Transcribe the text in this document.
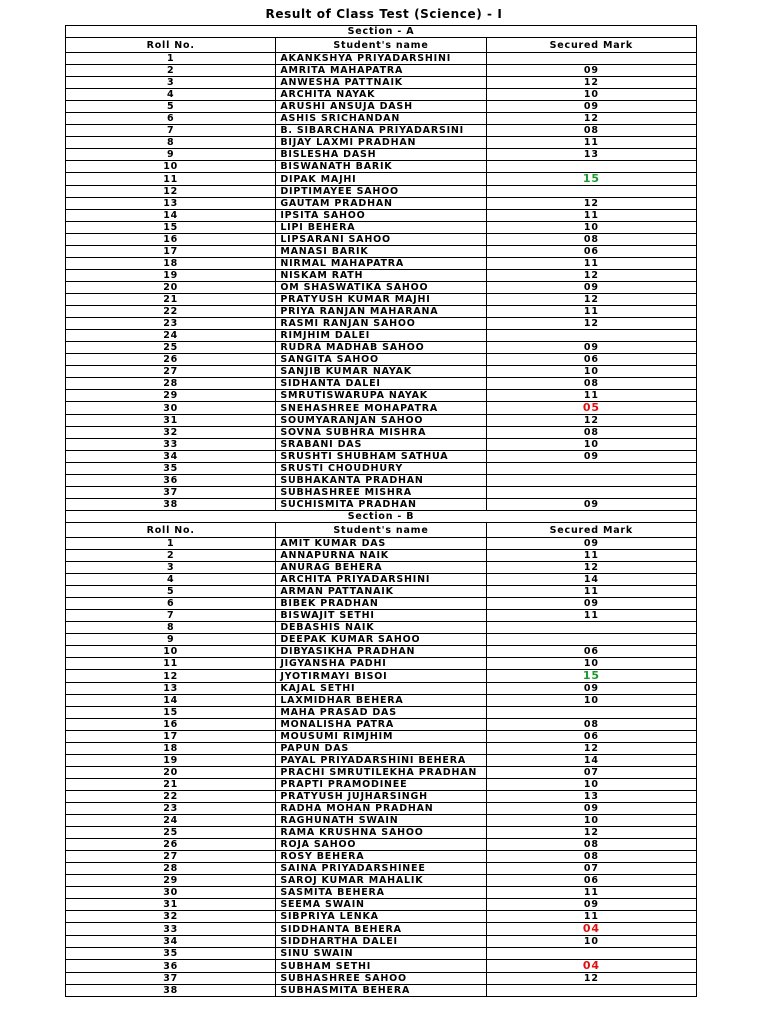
Result of Class Test (Science) - I
Section - A		
Roll No.	Student's name	Secured Mark
1	AKANKSHYA PRIYADARSHINI	
2	AMRITA MAHAPATRA	09
3	ANWESHA PATTNAIK	12
4	ARCHITA NAYAK	10
5	ARUSHI ANSUJA DASH	09
6	ASHIS SRICHANDAN	12
7	B. SIBARCHANA PRIYADARSINI	08
8	BIJAY LAXMI PRADHAN	11
9	BISLESHA DASH	13
10	BISWANATH BARIK	
11	DIPAK MAJHI	15
12	DIPTIMAYEE SAHOO	
13	GAUTAM PRADHAN	12
14	IPSITA SAHOO	11
15	LIPI BEHERA	10
16	LIPSARANI SAHOO	08
17	MANASI BARIK	06
18	NIRMAL MAHAPATRA	11
19	NISKAM RATH	12
20	OM SHASWATIKA SAHOO	09
21	PRATYUSH KUMAR MAJHI	12
22	PRIYA RANJAN MAHARANA	11
23	RASMI RANJAN SAHOO	12
24	RIMJHIM DALEI	
25	RUDRA MADHAB SAHOO	09
26	SANGITA SAHOO	06
27	SANJIB KUMAR NAYAK	10
28	SIDHANTA DALEI	08
29	SMRUTISWARUPA NAYAK	11
30	SNEHASHREE MOHAPATRA	05
31	SOUMYARANJAN SAHOO	12
32	SOVNA SUBHRA MISHRA	08
33	SRABANI DAS	10
34	SRUSHTI SHUBHAM SATHUA	09
35	SRUSTI CHOUDHURY	
36	SUBHAKANTA PRADHAN	
37	SUBHASHREE MISHRA	
38	SUCHISMITA PRADHAN	09
Section - B		
Roll No.	Student's name	Secured Mark
1	AMIT KUMAR DAS	09
2	ANNAPURNA NAIK	11
3	ANURAG BEHERA	12
4	ARCHITA PRIYADARSHINI	14
5	ARMAN PATTANAIK	11
6	BIBEK PRADHAN	09
7	BISWAJIT SETHI	11
8	DEBASHIS NAIK	
9	DEEPAK KUMAR SAHOO	
10	DIBYASIKHA PRADHAN	06
11	JIGYANSHA PADHI	10
12	JYOTIRMAYI BISOI	15
13	KAJAL SETHI	09
14	LAXMIDHAR BEHERA	10
15	MAHA PRASAD DAS	
16	MONALISHA PATRA	08
17	MOUSUMI RIMJHIM	06
18	PAPUN DAS	12
19	PAYAL PRIYADARSHINI BEHERA	14
20	PRACHI SMRUTILEKHA PRADHAN	07
21	PRAPTI PRAMODINEE	10
22	PRATYUSH JUJHARSINGH	13
23	RADHA MOHAN PRADHAN	09
24	RAGHUNATH SWAIN	10
25	RAMA KRUSHNA SAHOO	12
26	ROJA SAHOO	08
27	ROSY BEHERA	08
28	SAINA PRIYADARSHINEE	07
29	SAROJ KUMAR MAHALIK	06
30	SASMITA BEHERA	11
31	SEEMA SWAIN	09
32	SIBPRIYA LENKA	11
33	SIDDHANTA BEHERA	04
34	SIDDHARTHA DALEI	10
35	SINU SWAIN	
36	SUBHAM SETHI	04
37	SUBHASHREE SAHOO	12
38	SUBHASMITA BEHERA	
